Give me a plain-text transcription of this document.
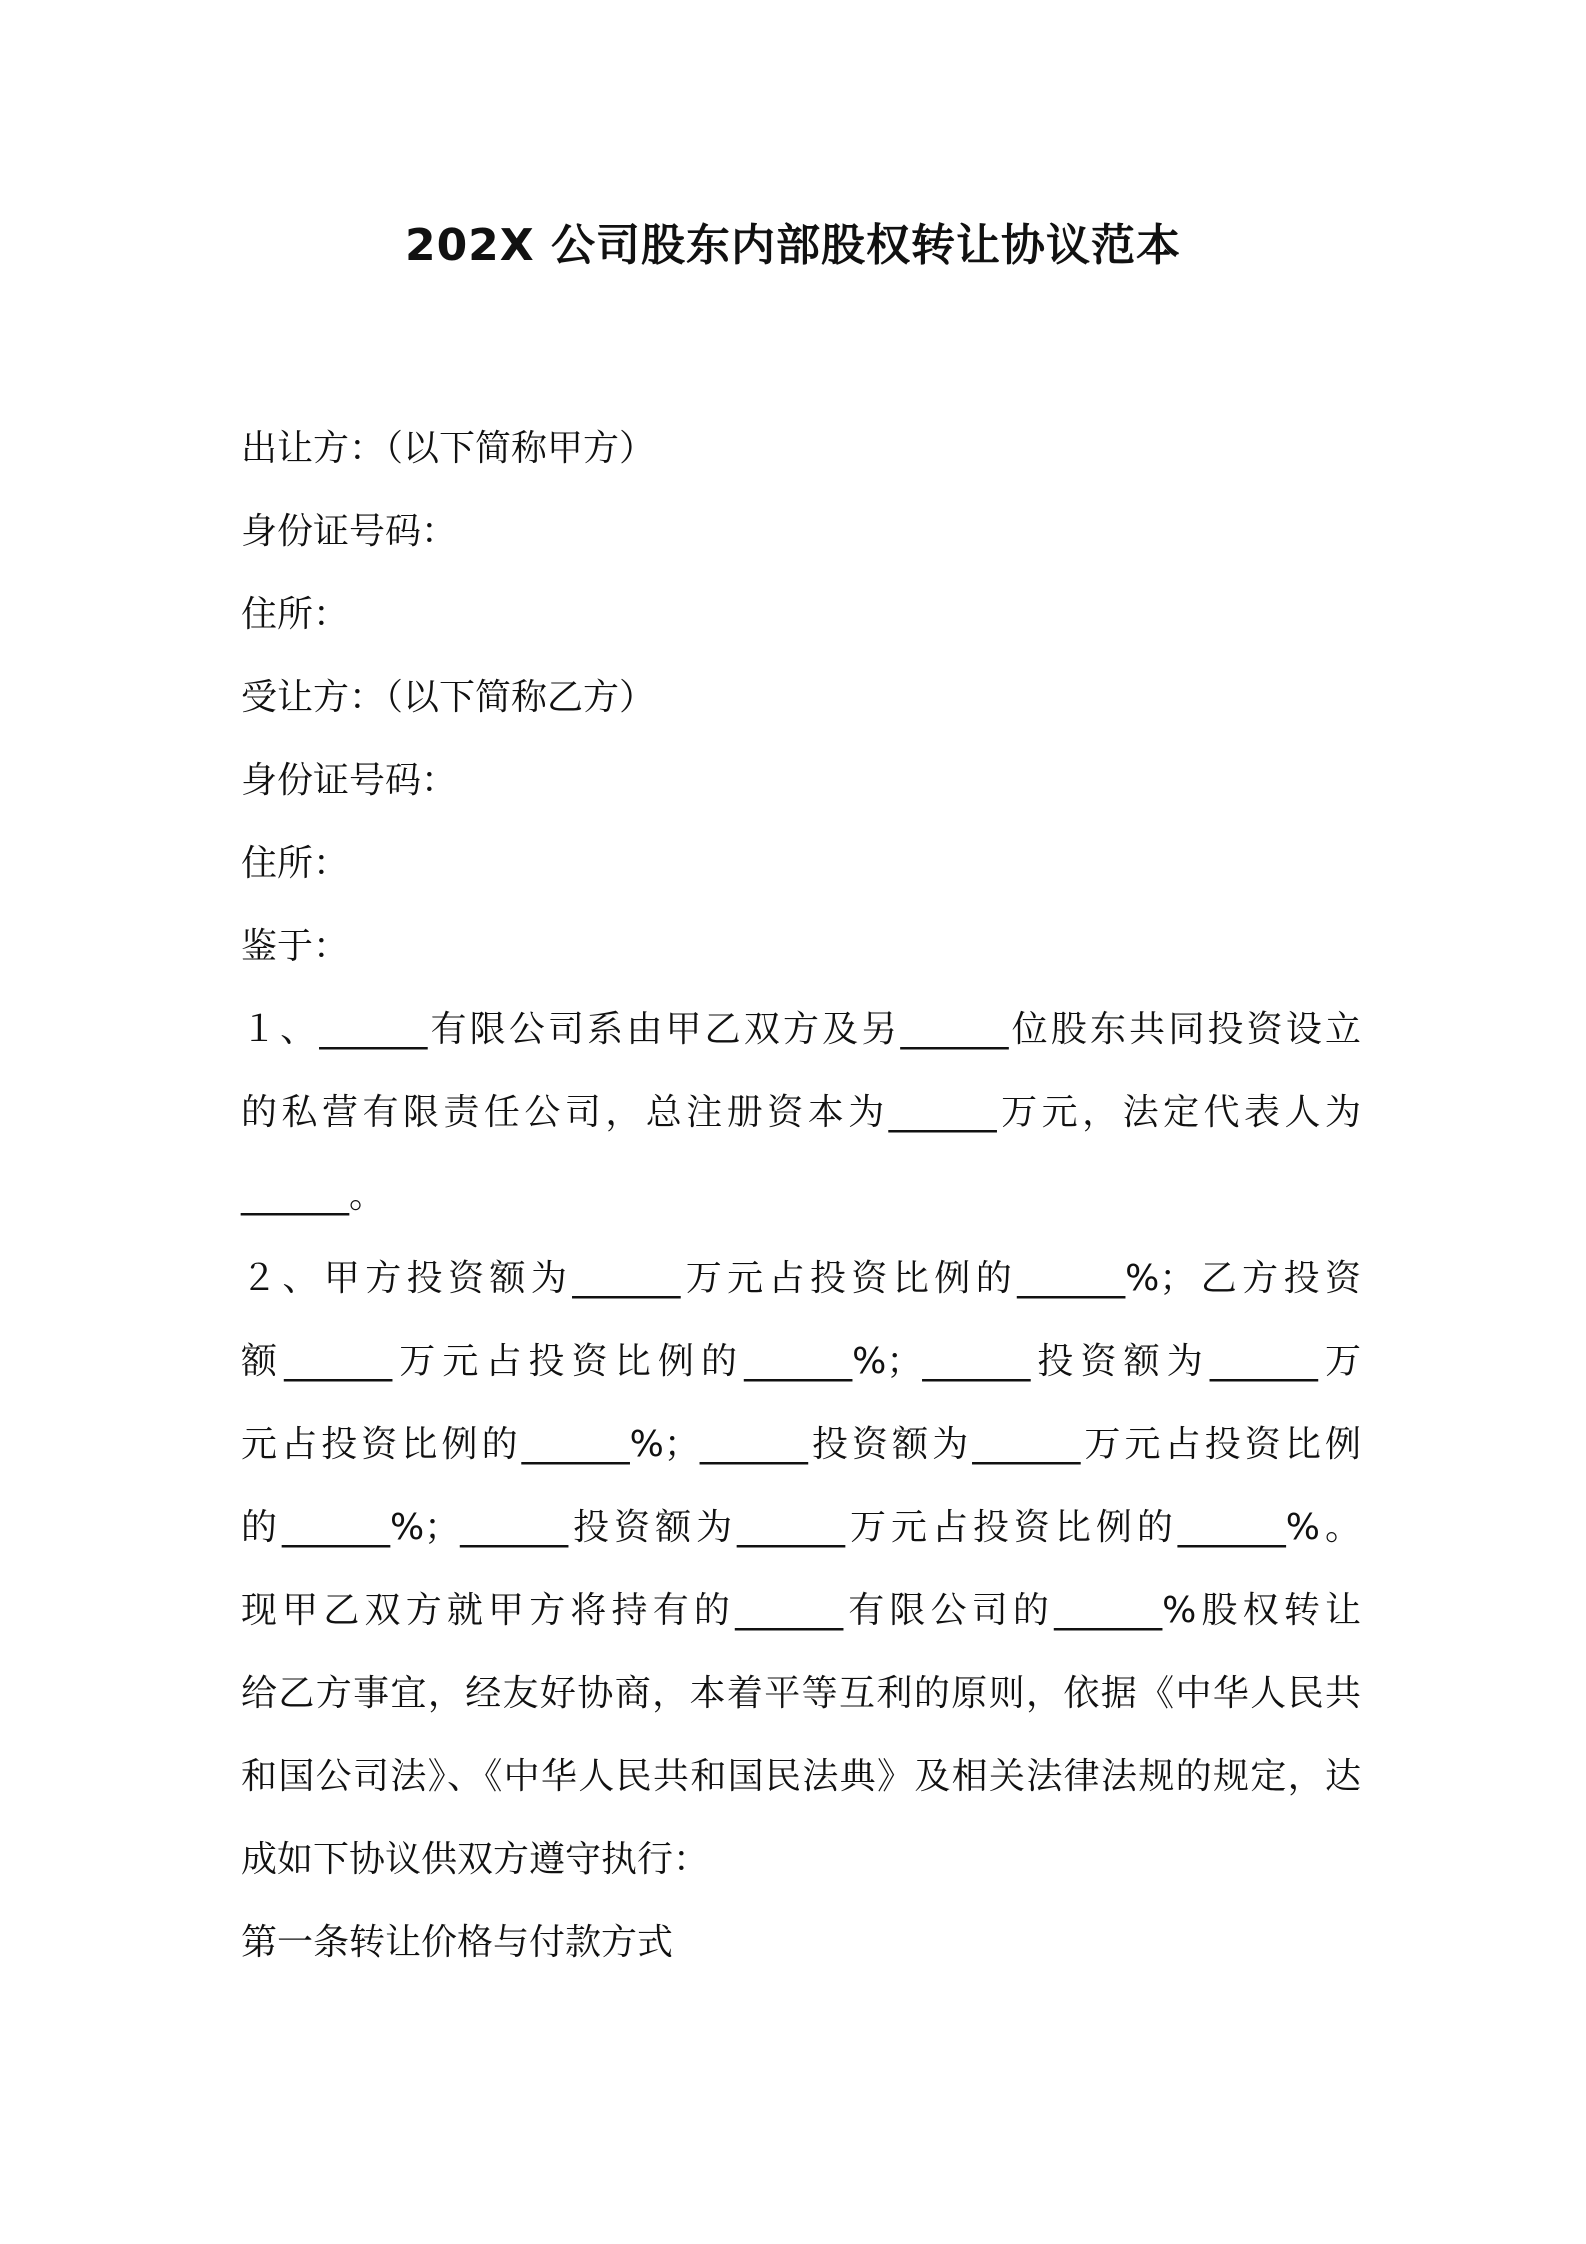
202X 公司股东内部股权转让协议范本
出让方：（以下简称甲方）
身份证号码：
住所：
受让方：（以下简称乙方）
身份证号码：
住所：
鉴于：
１、______有限公司系由甲乙双方及另______位股东共同投资设立
的私营有限责任公司，总注册资本为______万元，法定代表人为
______。
２、甲方投资额为______万元占投资比例的______%；乙方投资
额______万元占投资比例的______%；______投资额为______万
元占投资比例的______%；______投资额为______万元占投资比例
的______%；______投资额为______万元占投资比例的______%。
现甲乙双方就甲方将持有的______有限公司的______%股权转让
给乙方事宜，经友好协商，本着平等互利的原则，依据《中华人民共
和国公司法》、《中华人民共和国民法典》及相关法律法规的规定，达
成如下协议供双方遵守执行：
第一条转让价格与付款方式
